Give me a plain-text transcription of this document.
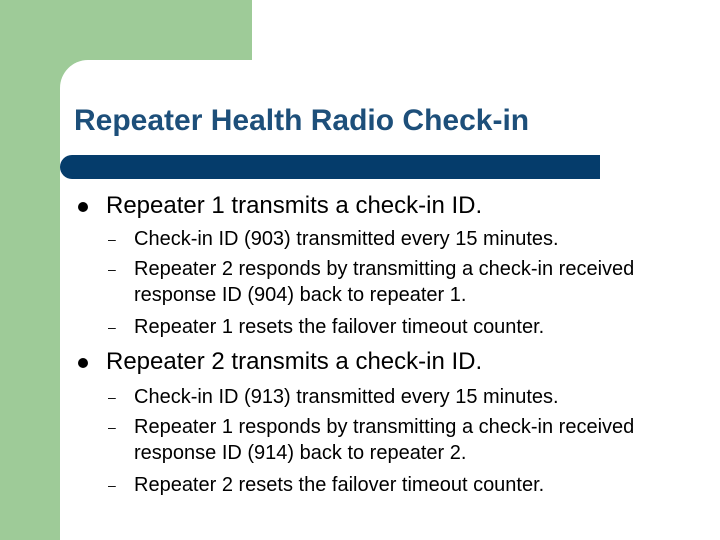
Repeater Health Radio Check-in
Repeater 1 transmits a check-in ID.
– Check-in ID (903) transmitted every 15 minutes.
– Repeater 2 responds by transmitting a check-in received response ID (904) back to repeater 1.
– Repeater 1 resets the failover timeout counter.
Repeater 2 transmits a check-in ID.
– Check-in ID (913) transmitted every 15 minutes.
– Repeater 1 responds by transmitting a check-in received response ID (914) back to repeater 2.
– Repeater 2 resets the failover timeout counter.
